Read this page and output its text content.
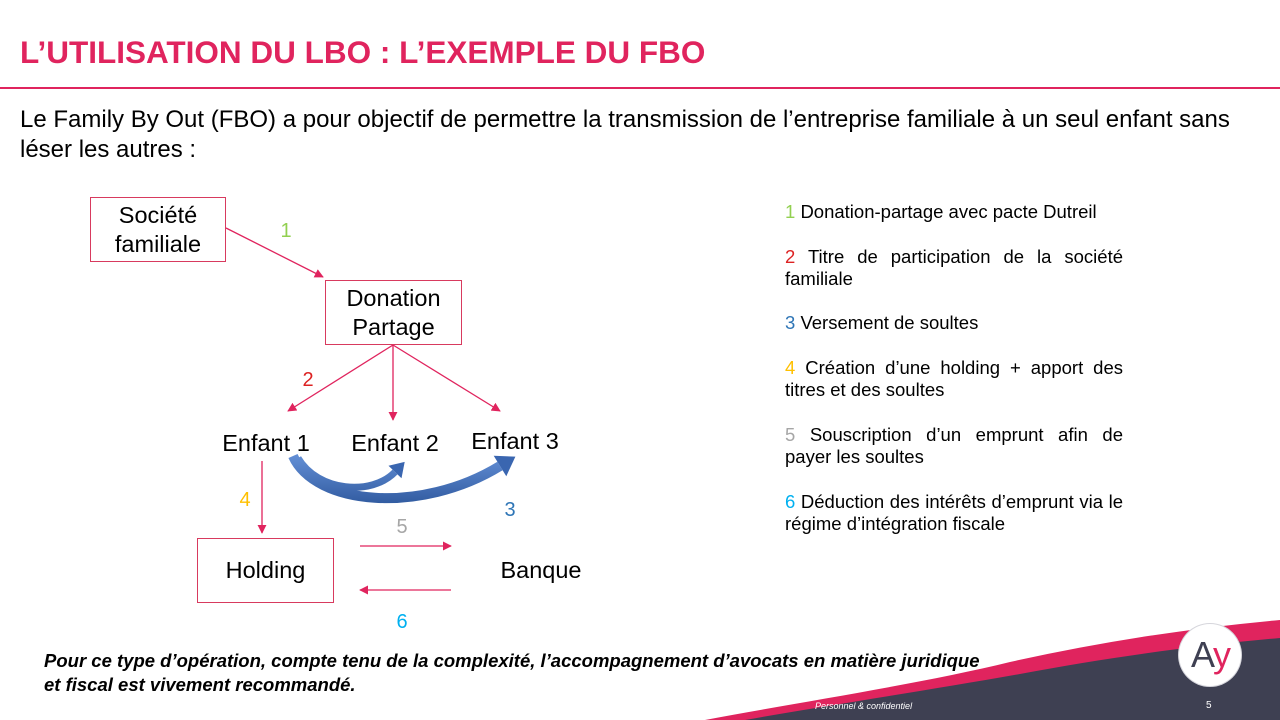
L’UTILISATION DU LBO : L’EXEMPLE DU FBO
Le Family By Out (FBO) a pour objectif de permettre la transmission de l’entreprise familiale à un seul enfant sans léser les autres :
Société familiale
Donation Partage
Holding
Enfant 1	Enfant 2	Enfant 3
Banque
1
2
3
4
5
6

1 Donation-partage avec pacte Dutreil

2 Titre de participation de la société familiale

3 Versement de soultes

4 Création d’une holding + apport des titres et des soultes

5 Souscription d’un emprunt afin de payer les soultes

6 Déduction des intérêts d’emprunt via le régime d’intégration fiscale

Pour ce type d’opération, compte tenu de la complexité, l’accompagnement d’avocats en matière juridique et fiscal est vivement recommandé.
Personnel & confidentiel	5
A y
